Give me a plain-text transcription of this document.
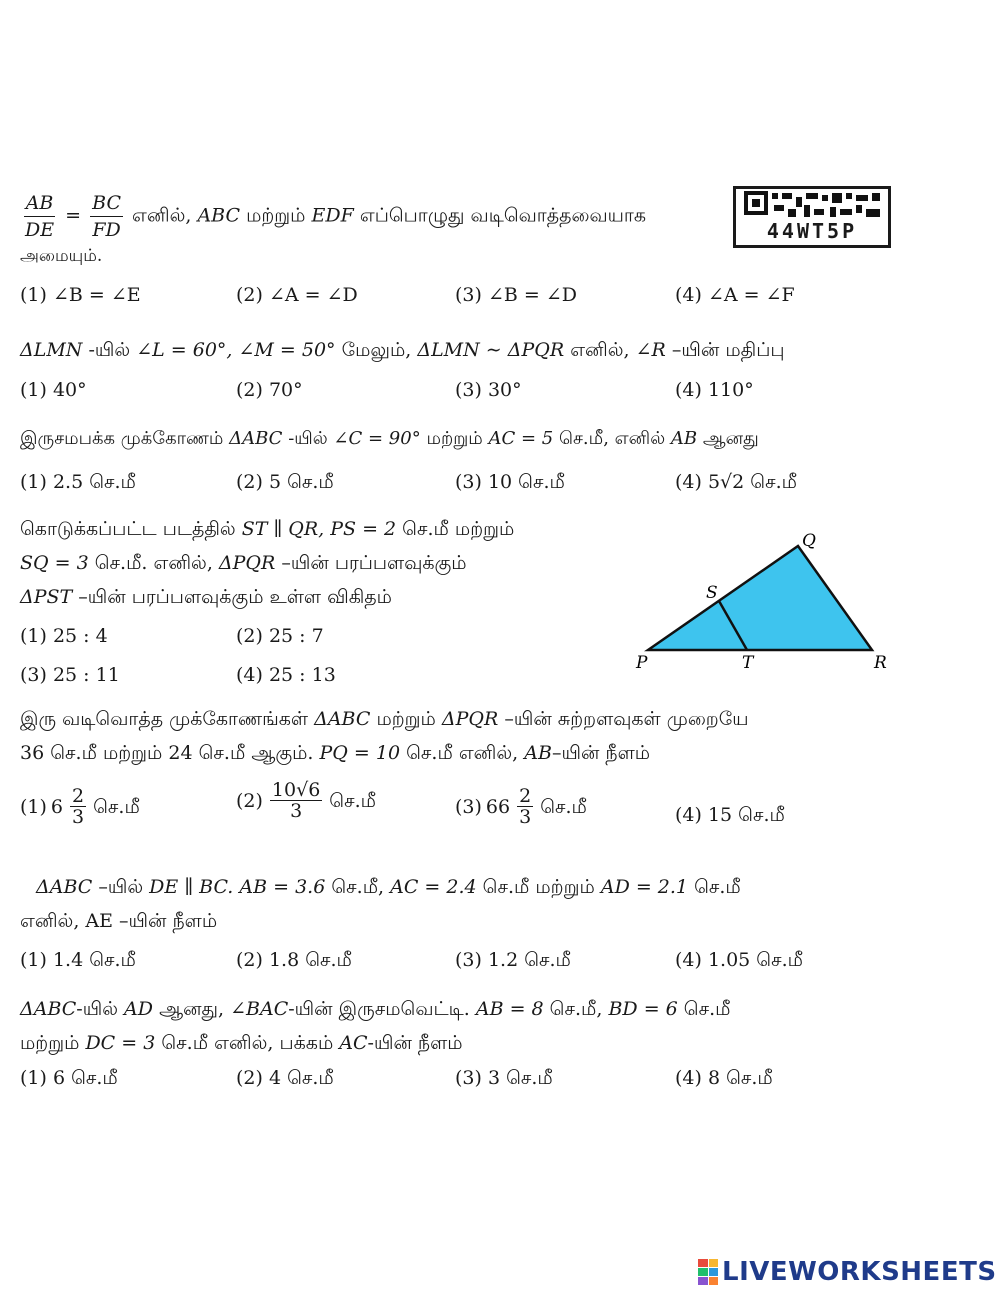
44WT5P
$\frac{AB}{DE} = \frac{BC}{FD}$ எனில், ABC மற்றும் EDF எப்பொழுது வடிவொத்தவையாக
அமையும்.
(1) ∠B = ∠E	(2) ∠A = ∠D	(3) ∠B = ∠D	(4) ∠A = ∠F
ΔLMN -யில் ∠L = 60°, ∠M = 50° மேலும், ΔLMN ∼ ΔPQR எனில், ∠R –யின் மதிப்பு
(1) 40°	(2) 70°	(3) 30°	(4) 110°
இருசமபக்க முக்கோணம் ΔABC -யில் ∠C = 90° மற்றும் AC = 5 செ.மீ, எனில் AB ஆனது
(1) 2.5 செ.மீ	(2) 5 செ.மீ	(3) 10 செ.மீ	(4) 5√2 செ.மீ
கொடுக்கப்பட்ட படத்தில் ST ∥ QR, PS = 2 செ.மீ மற்றும்
SQ = 3 செ.மீ. எனில், ΔPQR –யின் பரப்பளவுக்கும்
ΔPST –யின் பரப்பளவுக்கும் உள்ள விகிதம்
(1) 25 : 4	(2) 25 : 7
(3) 25 : 11	(4) 25 : 13
P
Q
R
S
T
இரு வடிவொத்த முக்கோணங்கள் ΔABC மற்றும் ΔPQR –யின் சுற்றளவுகள் முறையே
36 செ.மீ மற்றும் 24 செ.மீ ஆகும். PQ = 10 செ.மீ எனில், AB–யின் நீளம்
(1) $6 \frac{2}{3}$ செ.மீ	$(2) \frac{10√6}{3}$ செ.மீ	(3) $66 \frac{2}{3}$ செ.மீ	(4) 15 செ.மீ
ΔABC –யில் DE ∥ BC. AB = 3.6 செ.மீ, AC = 2.4 செ.மீ மற்றும் AD = 2.1 செ.மீ
எனில், AE –யின் நீளம்
(1) 1.4 செ.மீ	(2) 1.8 செ.மீ	(3) 1.2 செ.மீ	(4) 1.05 செ.மீ
ΔABC-யில் AD ஆனது, ∠BAC-யின் இருசமவெட்டி. AB = 8 செ.மீ, BD = 6 செ.மீ
மற்றும் DC = 3 செ.மீ எனில், பக்கம் AC-யின் நீளம்
(1) 6 செ.மீ	(2) 4 செ.மீ	(3) 3 செ.மீ	(4) 8 செ.மீ
LIVEWORKSHEETS
